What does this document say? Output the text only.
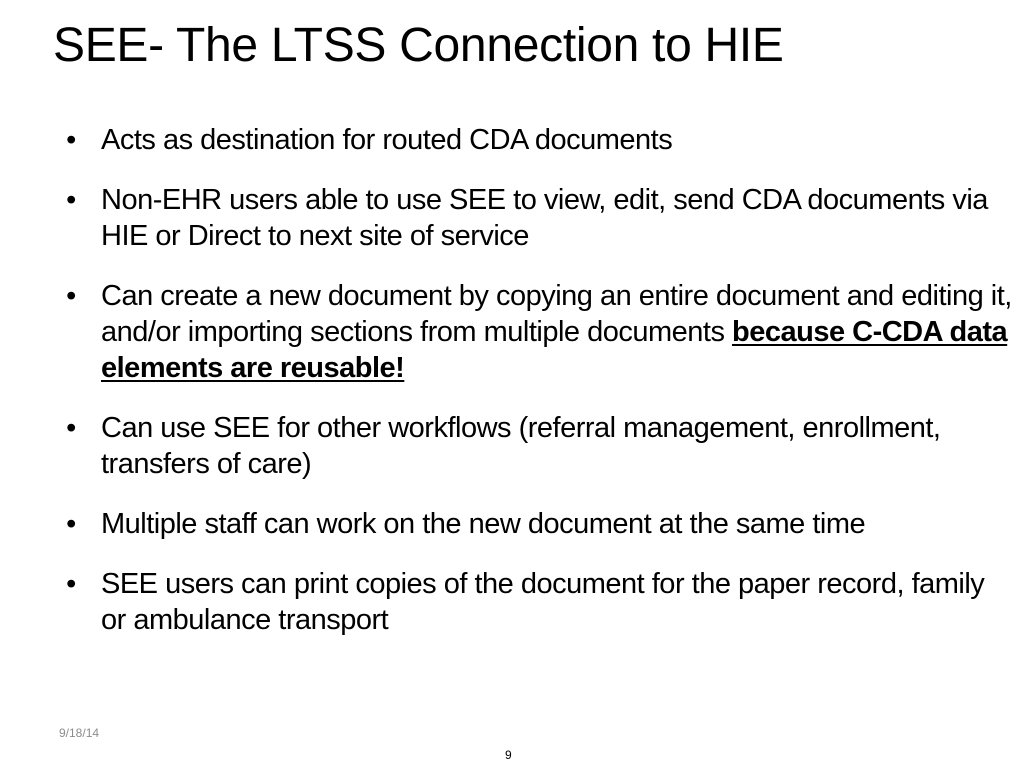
SEE- The LTSS Connection to HIE
• Acts as destination for routed CDA documents
• Non-EHR users able to use SEE to view, edit, send CDA documents via HIE or Direct to next site of service
• Can create a new document by copying an entire document and editing it, and/or importing sections from multiple documents because C-CDA data elements are reusable!
• Can use SEE for other workflows (referral management, enrollment, transfers of care)
• Multiple staff can work on the new document at the same time
• SEE users can print copies of the document for the paper record, family or ambulance transport
9/18/14
9
